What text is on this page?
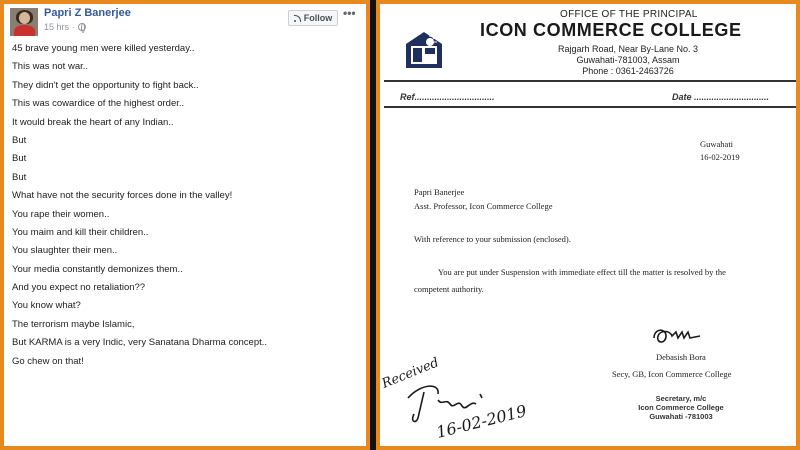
Papri Z Banerjee
15 hrs ·
Follow •••
45 brave young men were killed yesterday..
This was not war..
They didn't get the opportunity to fight back..
This was cowardice of the highest order..
It would break the heart of any Indian..
But
But
But
What have not the security forces done in the valley!
You rape their women..
You maim and kill their children..
You slaughter their men..
Your media constantly demonizes them..
And you expect no retaliation??
You know what?
The terrorism maybe Islamic,
But KARMA is a very Indic, very Sanatana Dharma concept..
Go chew on that!
OFFICE OF THE PRINCIPAL
ICON COMMERCE COLLEGE
Rajgarh Road, Near By-Lane No. 3
Guwahati-781003, Assam
Phone : 0361-2463726
Ref................................	Date ..............................
Guwahati
16-02-2019
Papri Banerjee
Asst. Professor, Icon Commerce College
With reference to your submission (enclosed).
You are put under Suspension with immediate effect till the matter is resolved by the
competent authority.
Debasish Bora
Secy, GB, Icon Commerce College
Secretary, m/c
Icon Commerce College
Guwahati -781003
Received
16-02-2019
